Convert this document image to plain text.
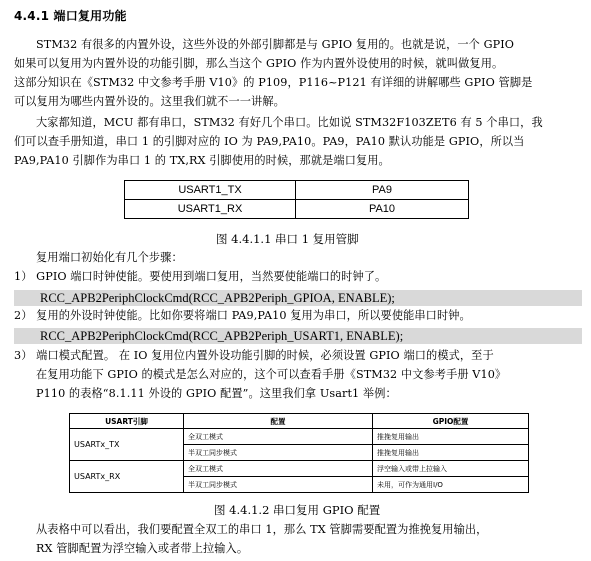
4.4.1 端口复用功能
STM32 有很多的内置外设，这些外设的外部引脚都是与 GPIO 复用的。也就是说，一个 GPIO
如果可以复用为内置外设的功能引脚，那么当这个 GPIO 作为内置外设使用的时候，就叫做复用。
这部分知识在《STM32 中文参考手册 V10》的 P109，P116~P121 有详细的讲解哪些 GPIO 管脚是
可以复用为哪些内置外设的。这里我们就不一一讲解。
大家都知道，MCU 都有串口，STM32 有好几个串口。比如说 STM32F103ZET6 有 5 个串口，我
们可以查手册知道，串口 1 的引脚对应的 IO 为 PA9,PA10。PA9，PA10 默认功能是 GPIO，所以当
PA9,PA10 引脚作为串口 1 的 TX,RX 引脚使用的时候，那就是端口复用。
USART1_TX	PA9
USART1_RX	PA10
图 4.4.1.1 串口 1 复用管脚
复用端口初始化有几个步骤：
1） GPIO 端口时钟使能。要使用到端口复用，当然要使能端口的时钟了。
RCC_APB2PeriphClockCmd(RCC_APB2Periph_GPIOA, ENABLE);
2） 复用的外设时钟使能。比如你要将端口 PA9,PA10 复用为串口，所以要使能串口时钟。
RCC_APB2PeriphClockCmd(RCC_APB2Periph_USART1, ENABLE);
3） 端口模式配置。 在 IO 复用位内置外设功能引脚的时候，必须设置 GPIO 端口的模式，至于
在复用功能下 GPIO 的模式是怎么对应的，这个可以查看手册《STM32 中文参考手册 V10》
P110 的表格“8.1.11 外设的 GPIO 配置”。这里我们拿 Usart1 举例：
USART引脚	配置	GPIO配置
USARTx_TX	全双工模式	推挽复用输出
	半双工同步模式	推挽复用输出
USARTx_RX	全双工模式	浮空输入或带上拉输入
	半双工同步模式	未用，可作为通用I/O
图 4.4.1.2 串口复用 GPIO 配置
从表格中可以看出，我们要配置全双工的串口 1，那么 TX 管脚需要配置为推挽复用输出，
RX 管脚配置为浮空输入或者带上拉输入。
